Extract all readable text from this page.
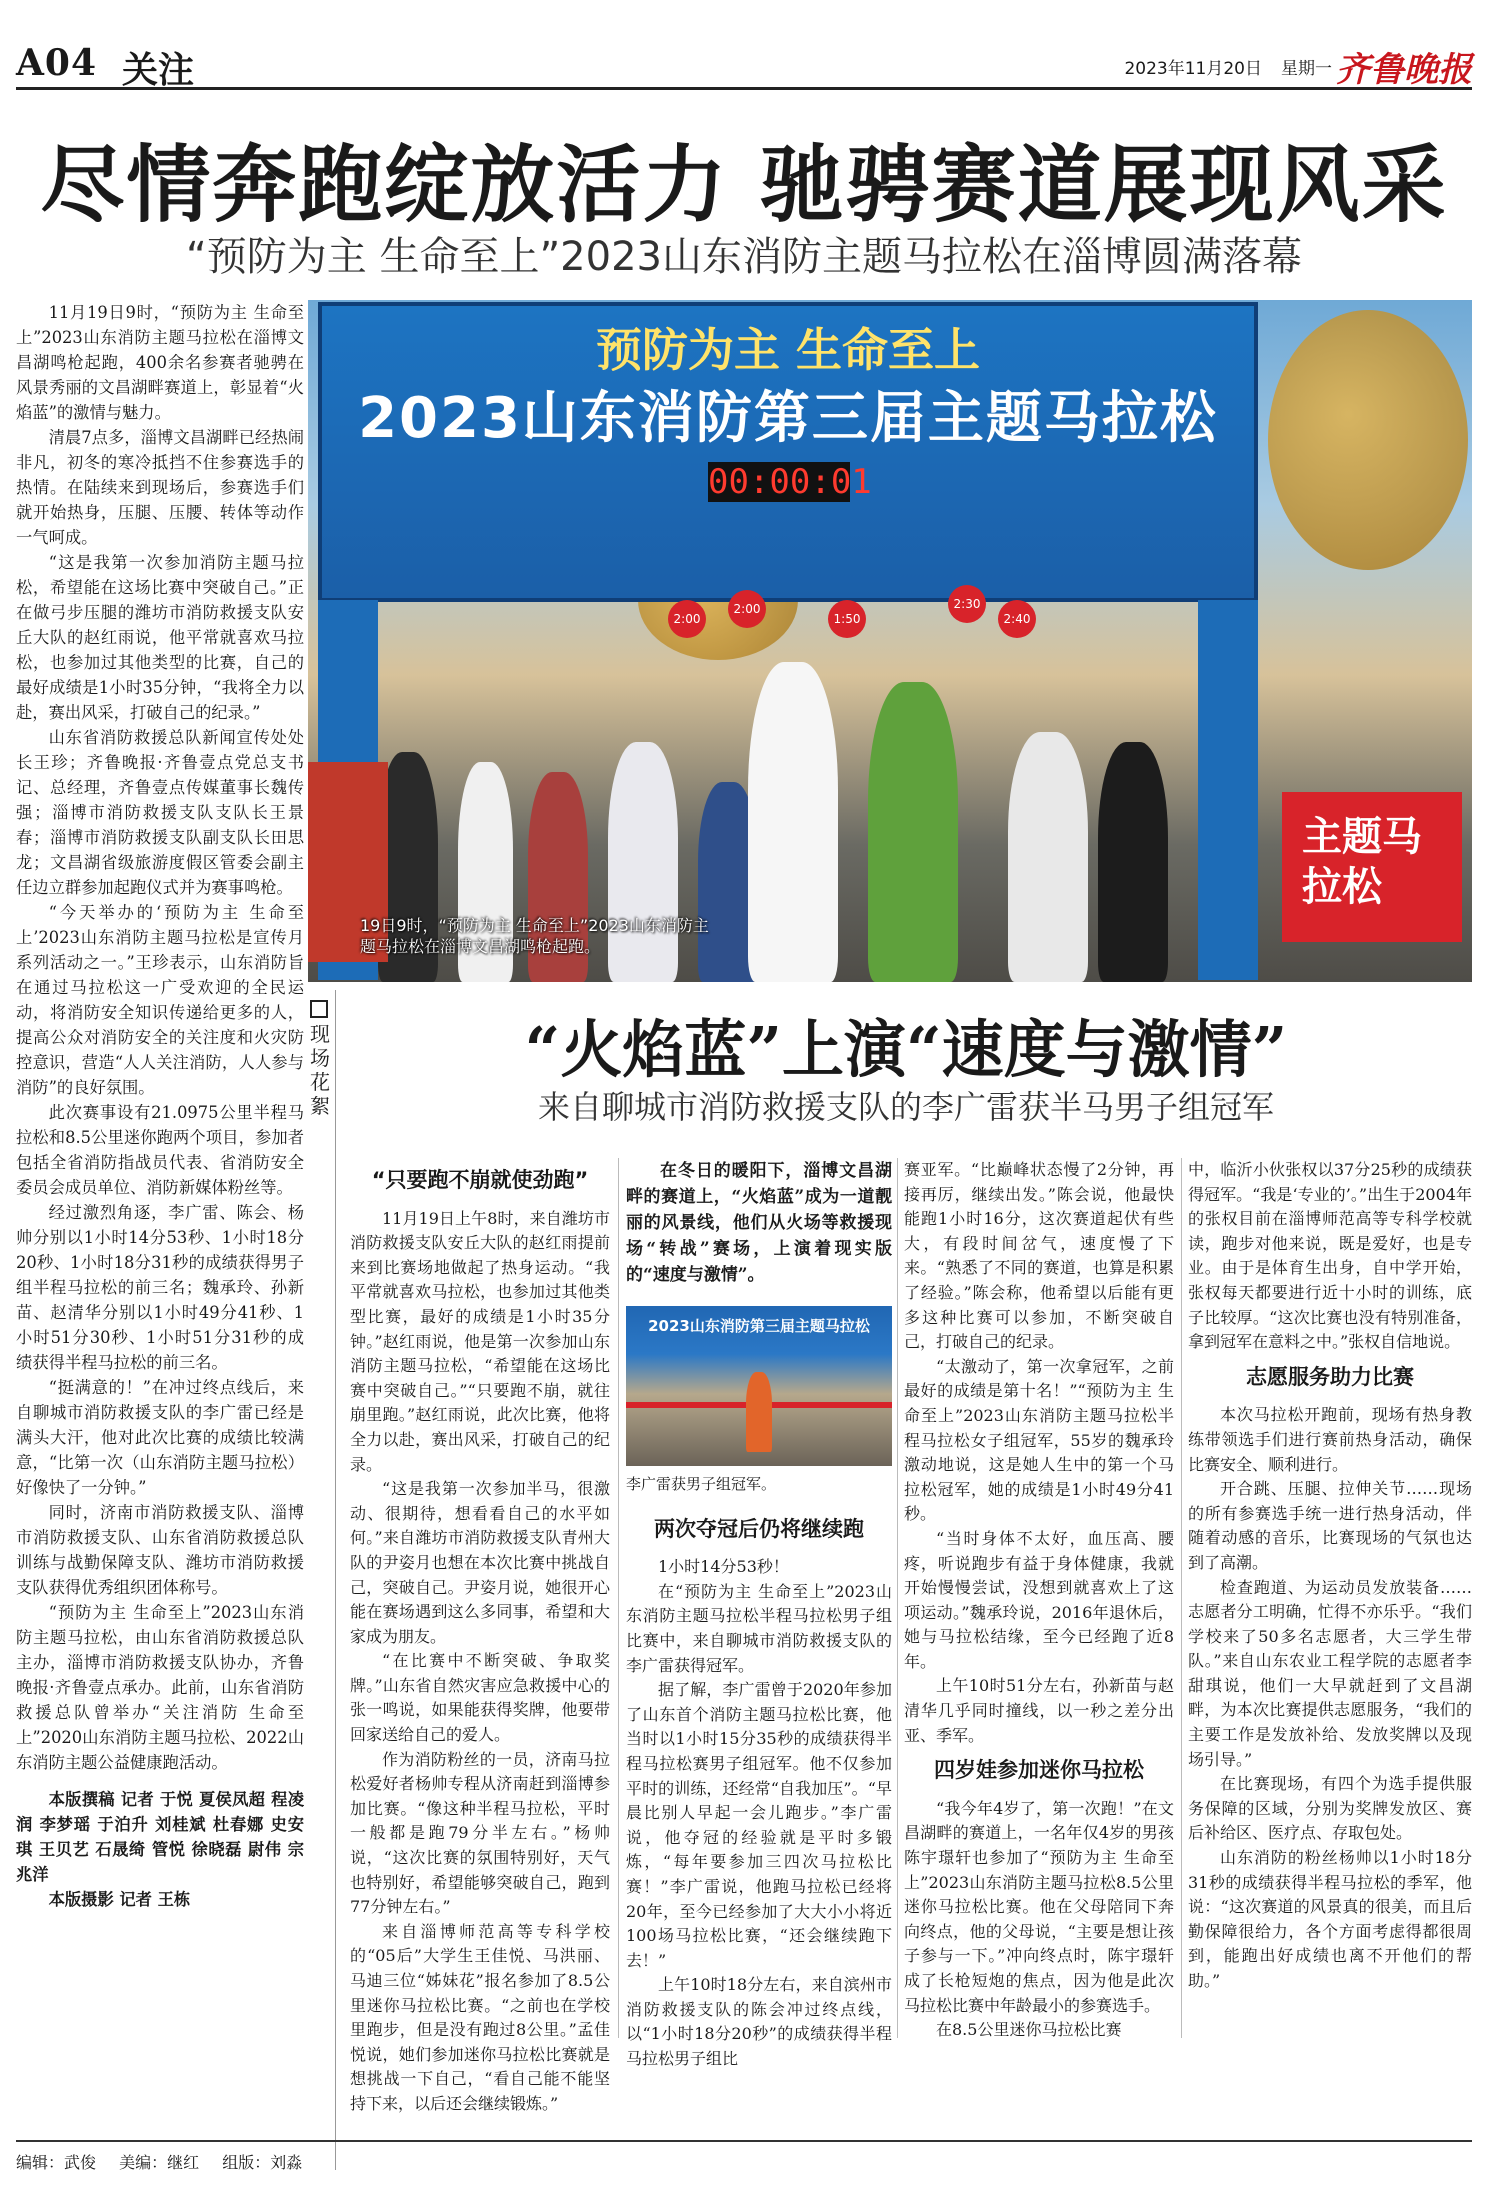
A04 关注	2023年11月20日 星期一 齐鲁晚报
尽情奔跑绽放活力 驰骋赛道展现风采
“预防为主 生命至上”2023山东消防主题马拉松在淄博圆满落幕

11月19日9时，“预防为主 生命至上”2023山东消防主题马拉松在淄博文昌湖鸣枪起跑，400余名参赛者驰骋在风景秀丽的文昌湖畔赛道上，彰显着“火焰蓝”的激情与魅力。

清晨7点多，淄博文昌湖畔已经热闹非凡，初冬的寒冷抵挡不住参赛选手的热情。在陆续来到现场后，参赛选手们就开始热身，压腿、压腰、转体等动作一气呵成。

“这是我第一次参加消防主题马拉松，希望能在这场比赛中突破自己。”正在做弓步压腿的潍坊市消防救援支队安丘大队的赵红雨说，他平常就喜欢马拉松，也参加过其他类型的比赛，自己的最好成绩是1小时35分钟，“我将全力以赴，赛出风采，打破自己的纪录。”

山东省消防救援总队新闻宣传处处长王珍；齐鲁晚报·齐鲁壹点党总支书记、总经理，齐鲁壹点传媒董事长魏传强；淄博市消防救援支队支队长王景春；淄博市消防救援支队副支队长田思龙；文昌湖省级旅游度假区管委会副主任边立群参加起跑仪式并为赛事鸣枪。

“今天举办的‘预防为主 生命至上’2023山东消防主题马拉松是宣传月系列活动之一。”王珍表示，山东消防旨在通过马拉松这一广受欢迎的全民运动，将消防安全知识传递给更多的人，提高公众对消防安全的关注度和火灾防控意识，营造“人人关注消防，人人参与消防”的良好氛围。

此次赛事设有21.0975公里半程马拉松和8.5公里迷你跑两个项目，参加者包括全省消防指战员代表、省消防安全委员会成员单位、消防新媒体粉丝等。

经过激烈角逐，李广雷、陈会、杨帅分别以1小时14分53秒、1小时18分20秒、1小时18分31秒的成绩获得男子组半程马拉松的前三名；魏承玲、孙新苗、赵清华分别以1小时49分41秒、1小时51分30秒、1小时51分31秒的成绩获得半程马拉松的前三名。

“挺满意的！”在冲过终点线后，来自聊城市消防救援支队的李广雷已经是满头大汗，他对此次比赛的成绩比较满意，“比第一次（山东消防主题马拉松）好像快了一分钟。”

同时，济南市消防救援支队、淄博市消防救援支队、山东省消防救援总队训练与战勤保障支队、潍坊市消防救援支队获得优秀组织团体称号。

“预防为主 生命至上”2023山东消防主题马拉松，由山东省消防救援总队主办，淄博市消防救援支队协办，齐鲁晚报·齐鲁壹点承办。此前，山东省消防救援总队曾举办“关注消防 生命至上”2020山东消防主题马拉松、2022山东消防主题公益健康跑活动。

本版撰稿 记者 于悦 夏侯凤超 程凌润 李梦瑶 于泊升 刘桂斌 杜春娜 史安琪 王贝艺 石晟绮 管悦 徐晓磊 尉伟 宗兆洋

本版摄影 记者 王栋

预防为主 生命至上
2023山东消防第三届主题马拉松
00:00:01
2:00
2:00
1:50
2:30
2:40
主题马拉松
19日9时，“预防为主 生命至上”2023山东消防主题马拉松在淄博文昌湖鸣枪起跑。
现
场
花
絮
“火焰蓝”上演“速度与激情”
来自聊城市消防救援支队的李广雷获半马男子组冠军
“只要跑不崩就使劲跑”

11月19日上午8时，来自潍坊市消防救援支队安丘大队的赵红雨提前来到比赛场地做起了热身运动。“我平常就喜欢马拉松，也参加过其他类型比赛，最好的成绩是1小时35分钟。”赵红雨说，他是第一次参加山东消防主题马拉松，“希望能在这场比赛中突破自己。”“只要跑不崩，就往崩里跑。”赵红雨说，此次比赛，他将全力以赴，赛出风采，打破自己的纪录。

“这是我第一次参加半马，很激动、很期待，想看看自己的水平如何。”来自潍坊市消防救援支队青州大队的尹姿月也想在本次比赛中挑战自己，突破自己。尹姿月说，她很开心能在赛场遇到这么多同事，希望和大家成为朋友。

“在比赛中不断突破、争取奖牌。”山东省自然灾害应急救援中心的张一鸣说，如果能获得奖牌，他要带回家送给自己的爱人。

作为消防粉丝的一员，济南马拉松爱好者杨帅专程从济南赶到淄博参加比赛。“像这种半程马拉松，平时一般都是跑79分半左右。”杨帅说，“这次比赛的氛围特别好，天气也特别好，希望能够突破自己，跑到77分钟左右。”

来自淄博师范高等专科学校的“05后”大学生王佳悦、马洪丽、马迪三位“姊妹花”报名参加了8.5公里迷你马拉松比赛。“之前也在学校里跑步，但是没有跑过8公里。”孟佳悦说，她们参加迷你马拉松比赛就是想挑战一下自己，“看自己能不能坚持下来，以后还会继续锻炼。”

在冬日的暖阳下，淄博文昌湖畔的赛道上，“火焰蓝”成为一道靓丽的风景线，他们从火场等救援现场“转战”赛场，上演着现实版的“速度与激情”。

2023山东消防第三届主题马拉松

李广雷获男子组冠军。

两次夺冠后仍将继续跑

1小时14分53秒！

在“预防为主 生命至上”2023山东消防主题马拉松半程马拉松男子组比赛中，来自聊城市消防救援支队的李广雷获得冠军。

据了解，李广雷曾于2020年参加了山东首个消防主题马拉松比赛，他当时以1小时15分35秒的成绩获得半程马拉松赛男子组冠军。他不仅参加平时的训练，还经常“自我加压”。“早晨比别人早起一会儿跑步。”李广雷说，他夺冠的经验就是平时多锻炼，“每年要参加三四次马拉松比赛！”李广雷说，他跑马拉松已经将20年，至今已经参加了大大小小将近100场马拉松比赛，“还会继续跑下去！”

上午10时18分左右，来自滨州市消防救援支队的陈会冲过终点线，以“1小时18分20秒”的成绩获得半程马拉松男子组比

赛亚军。“比巅峰状态慢了2分钟，再接再厉，继续出发。”陈会说，他最快能跑1小时16分，这次赛道起伏有些大，有段时间岔气，速度慢了下来。“熟悉了不同的赛道，也算是积累了经验。”陈会称，他希望以后能有更多这种比赛可以参加，不断突破自己，打破自己的纪录。

“太激动了，第一次拿冠军，之前最好的成绩是第十名！”“预防为主 生命至上”2023山东消防主题马拉松半程马拉松女子组冠军，55岁的魏承玲激动地说，这是她人生中的第一个马拉松冠军，她的成绩是1小时49分41秒。

“当时身体不太好，血压高、腰疼，听说跑步有益于身体健康，我就开始慢慢尝试，没想到就喜欢上了这项运动。”魏承玲说，2016年退休后，她与马拉松结缘，至今已经跑了近8年。

上午10时51分左右，孙新苗与赵清华几乎同时撞线，以一秒之差分出亚、季军。

四岁娃参加迷你马拉松

“我今年4岁了，第一次跑！”在文昌湖畔的赛道上，一名年仅4岁的男孩陈宇璟轩也参加了“预防为主 生命至上”2023山东消防主题马拉松8.5公里迷你马拉松比赛。他在父母陪同下奔向终点，他的父母说，“主要是想让孩子参与一下。”冲向终点时，陈宇璟轩成了长枪短炮的焦点，因为他是此次马拉松比赛中年龄最小的参赛选手。

在8.5公里迷你马拉松比赛

中，临沂小伙张权以37分25秒的成绩获得冠军。“我是‘专业的’。”出生于2004年的张权目前在淄博师范高等专科学校就读，跑步对他来说，既是爱好，也是专业。由于是体育生出身，自中学开始，张权每天都要进行近十小时的训练，底子比较厚。“这次比赛也没有特别准备，拿到冠军在意料之中。”张权自信地说。

志愿服务助力比赛

本次马拉松开跑前，现场有热身教练带领选手们进行赛前热身活动，确保比赛安全、顺利进行。

开合跳、压腿、拉伸关节……现场的所有参赛选手统一进行热身活动，伴随着动感的音乐，比赛现场的气氛也达到了高潮。

检查跑道、为运动员发放装备……志愿者分工明确，忙得不亦乐乎。“我们学校来了50多名志愿者，大三学生带队。”来自山东农业工程学院的志愿者李甜琪说，他们一大早就赶到了文昌湖畔，为本次比赛提供志愿服务，“我们的主要工作是发放补给、发放奖牌以及现场引导。”

在比赛现场，有四个为选手提供服务保障的区域，分别为奖牌发放区、赛后补给区、医疗点、存取包处。

山东消防的粉丝杨帅以1小时18分31秒的成绩获得半程马拉松的季军，他说：“这次赛道的风景真的很美，而且后勤保障很给力，各个方面考虑得都很周到，能跑出好成绩也离不开他们的帮助。”

编辑：武俊 美编：继红 组版：刘淼
